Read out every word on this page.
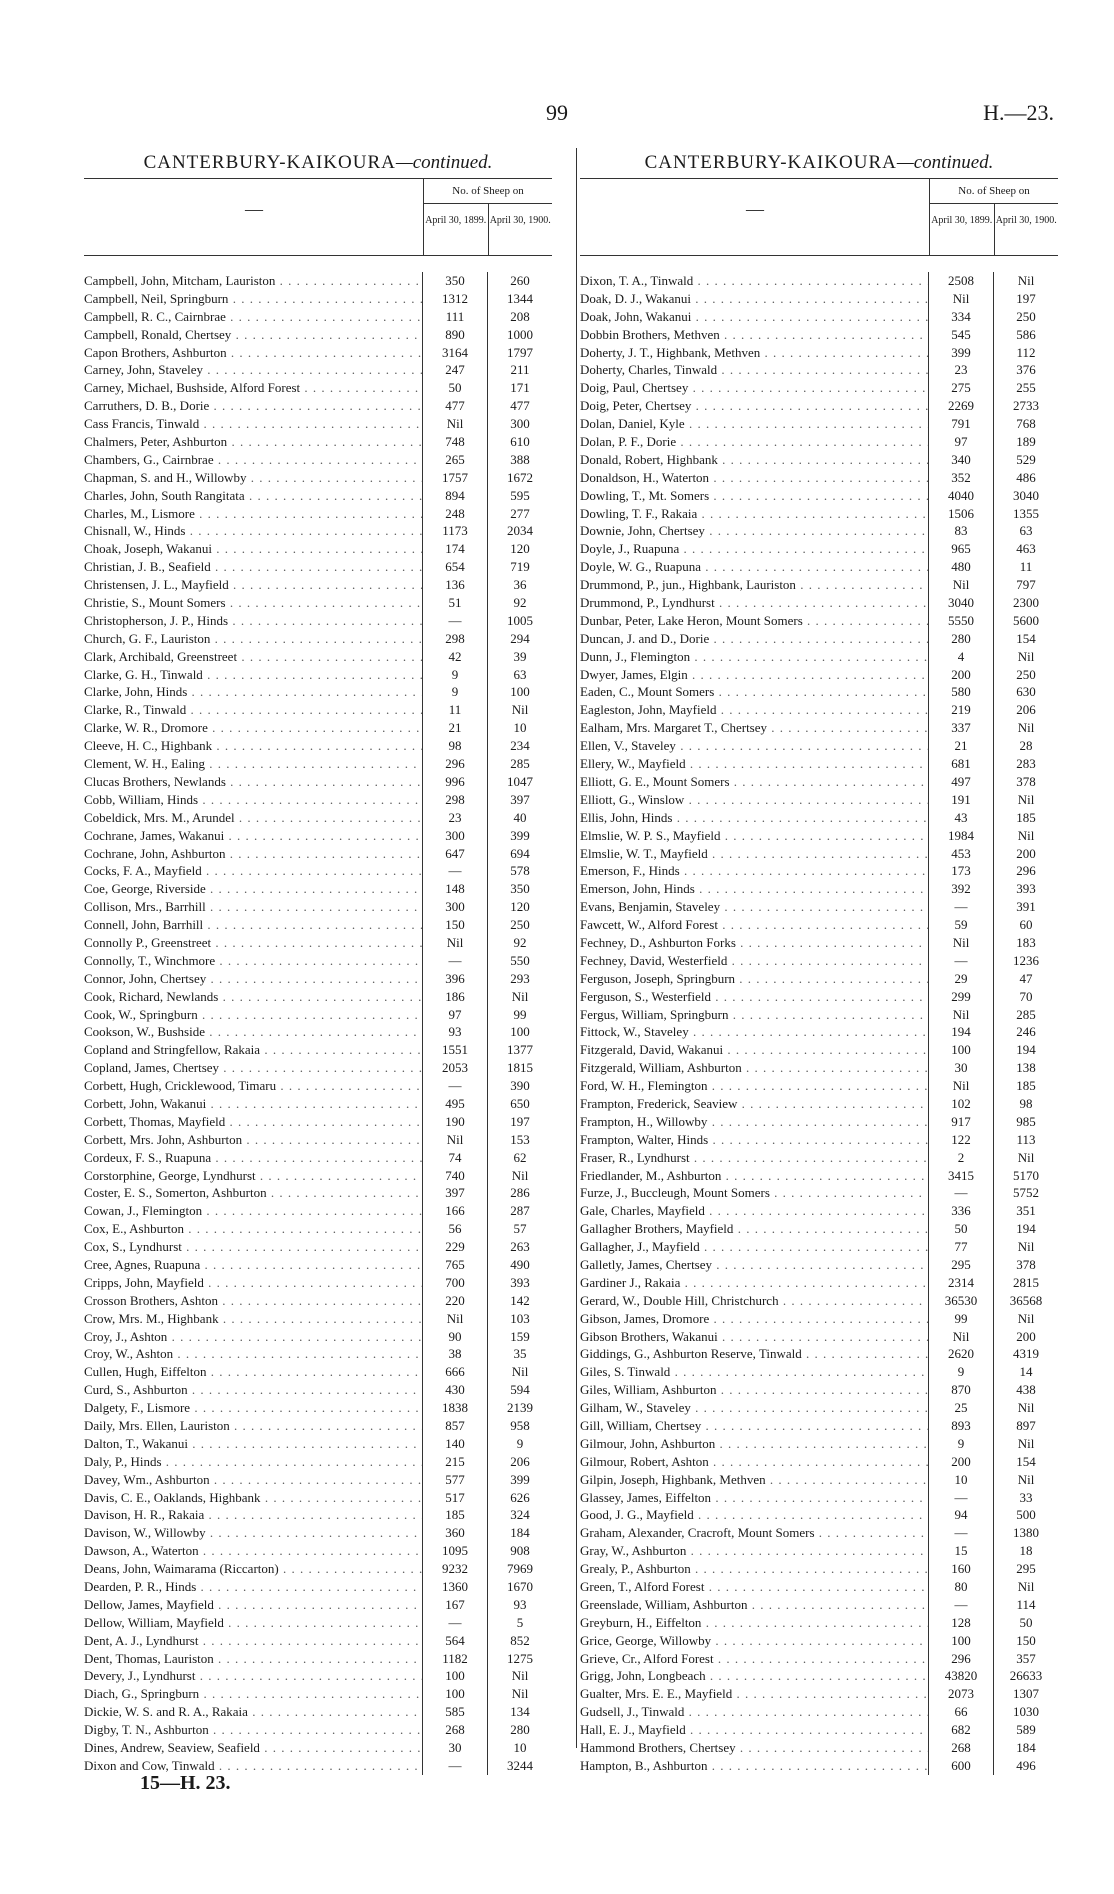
99	H.—23.
CANTERBURY-KAIKOURA—continued.
—
No. of Sheep on
April 30, 1899. April 30, 1900.
Campbell, John, Mitcham, Lauriston . . .	350	260
Campbell, Neil, Springburn . . .	1312	1344
Campbell, R. C., Cairnbrae . . .	111	208
Campbell, Ronald, Chertsey . . .	890	1000
Capon Brothers, Ashburton . . .	3164	1797
Carney, John, Staveley . . .	247	211
Carney, Michael, Bushside, Alford Forest . . .	50	171
Carruthers, D. B., Dorie . . .	477	477
Cass Francis, Tinwald . . .	Nil	300
Chalmers, Peter, Ashburton . . .	748	610
Chambers, G., Cairnbrae . . .	265	388
Chapman, S. and H., Willowby . . .	1757	1672
Charles, John, South Rangitata . . .	894	595
Charles, M., Lismore . . .	248	277
Chisnall, W., Hinds . . .	1173	2034
Choak, Joseph, Wakanui . . .	174	120
Christian, J. B., Seafield . . .	654	719
Christensen, J. L., Mayfield . . .	136	36
Christie, S., Mount Somers . . .	51	92
Christopherson, J. P., Hinds . . .	—	1005
Church, G. F., Lauriston . . .	298	294
Clark, Archibald, Greenstreet . . .	42	39
Clarke, G. H., Tinwald . . .	9	63
Clarke, John, Hinds . . .	9	100
Clarke, R., Tinwald . . .	11	Nil
Clarke, W. R., Dromore . . .	21	10
Cleeve, H. C., Highbank . . .	98	234
Clement, W. H., Ealing . . .	296	285
Clucas Brothers, Newlands . . .	996	1047
Cobb, William, Hinds . . .	298	397
Cobeldick, Mrs. M., Arundel . . .	23	40
Cochrane, James, Wakanui . . .	300	399
Cochrane, John, Ashburton . . .	647	694
Cocks, F. A., Mayfield . . .	—	578
Coe, George, Riverside . . .	148	350
Collison, Mrs., Barrhill . . .	300	120
Connell, John, Barrhill . . .	150	250
Connolly P., Greenstreet . . .	Nil	92
Connolly, T., Winchmore . . .	—	550
Connor, John, Chertsey . . .	396	293
Cook, Richard, Newlands . . .	186	Nil
Cook, W., Springburn . . .	97	99
Cookson, W., Bushside . . .	93	100
Copland and Stringfellow, Rakaia . . .	1551	1377
Copland, James, Chertsey . . .	2053	1815
Corbett, Hugh, Cricklewood, Timaru . . .	—	390
Corbett, John, Wakanui . . .	495	650
Corbett, Thomas, Mayfield . . .	190	197
Corbett, Mrs. John, Ashburton . . .	Nil	153
Cordeux, F. S., Ruapuna . . .	74	62
Corstorphine, George, Lyndhurst . . .	740	Nil
Coster, E. S., Somerton, Ashburton . . .	397	286
Cowan, J., Flemington . . .	166	287
Cox, E., Ashburton . . .	56	57
Cox, S., Lyndhurst . . .	229	263
Cree, Agnes, Ruapuna . . .	765	490
Cripps, John, Mayfield . . .	700	393
Crosson Brothers, Ashton . . .	220	142
Crow, Mrs. M., Highbank . . .	Nil	103
Croy, J., Ashton . . .	90	159
Croy, W., Ashton . . .	38	35
Cullen, Hugh, Eiffelton . . .	666	Nil
Curd, S., Ashburton . . .	430	594
Dalgety, F., Lismore . . .	1838	2139
Daily, Mrs. Ellen, Lauriston . . .	857	958
Dalton, T., Wakanui . . .	140	9
Daly, P., Hinds . . .	215	206
Davey, Wm., Ashburton . . .	577	399
Davis, C. E., Oaklands, Highbank . . .	517	626
Davison, H. R., Rakaia . . .	185	324
Davison, W., Willowby . . .	360	184
Dawson, A., Waterton . . .	1095	908
Deans, John, Waimarama (Riccarton) . . .	9232	7969
Dearden, P. R., Hinds . . .	1360	1670
Dellow, James, Mayfield . . .	167	93
Dellow, William, Mayfield . . .	—	5
Dent, A. J., Lyndhurst . . .	564	852
Dent, Thomas, Lauriston . . .	1182	1275
Devery, J., Lyndhurst . . .	100	Nil
Diach, G., Springburn . . .	100	Nil
Dickie, W. S. and R. A., Rakaia . . .	585	134
Digby, T. N., Ashburton . . .	268	280
Dines, Andrew, Seaview, Seafield . . .	30	10
Dixon and Cow, Tinwald . . .	—	3244
CANTERBURY-KAIKOURA—continued.
—
No. of Sheep on
April 30, 1899. April 30, 1900.
Dixon, T. A., Tinwald . . .	2508	Nil
Doak, D. J., Wakanui . . .	Nil	197
Doak, John, Wakanui . . .	334	250
Dobbin Brothers, Methven . . .	545	586
Doherty, J. T., Highbank, Methven . . .	399	112
Doherty, Charles, Tinwald . . .	23	376
Doig, Paul, Chertsey . . .	275	255
Doig, Peter, Chertsey . . .	2269	2733
Dolan, Daniel, Kyle . . .	791	768
Dolan, P. F., Dorie . . .	97	189
Donald, Robert, Highbank . . .	340	529
Donaldson, H., Waterton . . .	352	486
Dowling, T., Mt. Somers . . .	4040	3040
Dowling, T. F., Rakaia . . .	1506	1355
Downie, John, Chertsey . . .	83	63
Doyle, J., Ruapuna . . .	965	463
Doyle, W. G., Ruapuna . . .	480	11
Drummond, P., jun., Highbank, Lauriston . . .	Nil	797
Drummond, P., Lyndhurst . . .	3040	2300
Dunbar, Peter, Lake Heron, Mount Somers . . .	5550	5600
Duncan, J. and D., Dorie . . .	280	154
Dunn, J., Flemington . . .	4	Nil
Dwyer, James, Elgin . . .	200	250
Eaden, C., Mount Somers . . .	580	630
Eagleston, John, Mayfield . . .	219	206
Ealham, Mrs. Margaret T., Chertsey . . .	337	Nil
Ellen, V., Staveley . . .	21	28
Ellery, W., Mayfield . . .	681	283
Elliott, G. E., Mount Somers . . .	497	378
Elliott, G., Winslow . . .	191	Nil
Ellis, John, Hinds . . .	43	185
Elmslie, W. P. S., Mayfield . . .	1984	Nil
Elmslie, W. T., Mayfield . . .	453	200
Emerson, F., Hinds . . .	173	296
Emerson, John, Hinds . . .	392	393
Evans, Benjamin, Staveley . . .	—	391
Fawcett, W., Alford Forest . . .	59	60
Fechney, D., Ashburton Forks . . .	Nil	183
Fechney, David, Westerfield . . .	—	1236
Ferguson, Joseph, Springburn . . .	29	47
Ferguson, S., Westerfield . . .	299	70
Fergus, William, Springburn . . .	Nil	285
Fittock, W., Staveley . . .	194	246
Fitzgerald, David, Wakanui . . .	100	194
Fitzgerald, William, Ashburton . . .	30	138
Ford, W. H., Flemington . . .	Nil	185
Frampton, Frederick, Seaview . . .	102	98
Frampton, H., Willowby . . .	917	985
Frampton, Walter, Hinds . . .	122	113
Fraser, R., Lyndhurst . . .	2	Nil
Friedlander, M., Ashburton . . .	3415	5170
Furze, J., Buccleugh, Mount Somers . . .	—	5752
Gale, Charles, Mayfield . . .	336	351
Gallagher Brothers, Mayfield . . .	50	194
Gallagher, J., Mayfield . . .	77	Nil
Galletly, James, Chertsey . . .	295	378
Gardiner J., Rakaia . . .	2314	2815
Gerard, W., Double Hill, Christchurch . . .	36530	36568
Gibson, James, Dromore . . .	99	Nil
Gibson Brothers, Wakanui . . .	Nil	200
Giddings, G., Ashburton Reserve, Tinwald . . .	2620	4319
Giles, S. Tinwald . . .	9	14
Giles, William, Ashburton . . .	870	438
Gilham, W., Staveley . . .	25	Nil
Gill, William, Chertsey . . .	893	897
Gilmour, John, Ashburton . . .	9	Nil
Gilmour, Robert, Ashton . . .	200	154
Gilpin, Joseph, Highbank, Methven . . .	10	Nil
Glassey, James, Eiffelton . . .	—	33
Good, J. G., Mayfield . . .	94	500
Graham, Alexander, Cracroft, Mount Somers . . .	—	1380
Gray, W., Ashburton . . .	15	18
Grealy, P., Ashburton . . .	160	295
Green, T., Alford Forest . . .	80	Nil
Greenslade, William, Ashburton . . .	—	114
Greyburn, H., Eiffelton . . .	128	50
Grice, George, Willowby . . .	100	150
Grieve, Cr., Alford Forest . . .	296	357
Grigg, John, Longbeach . . .	43820	26633
Gualter, Mrs. E. E., Mayfield . . .	2073	1307
Gudsell, J., Tinwald . . .	66	1030
Hall, E. J., Mayfield . . .	682	589
Hammond Brothers, Chertsey . . .	268	184
Hampton, B., Ashburton . . .	600	496
15—H. 23.
